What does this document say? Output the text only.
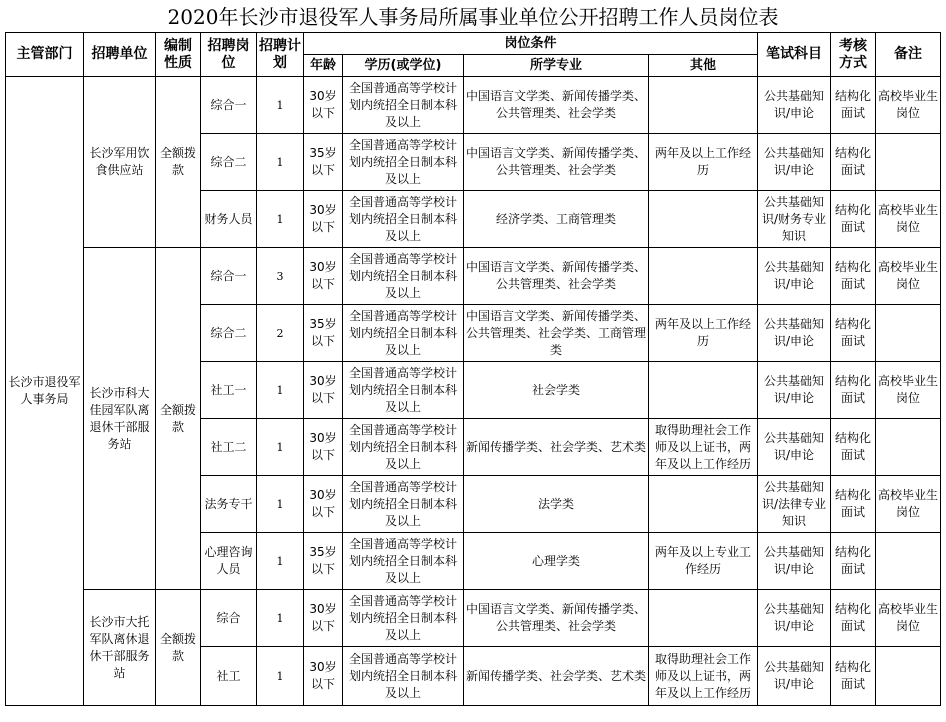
2020年长沙市退役军人事务局所属事业单位公开招聘工作人员岗位表
主管部门	招聘单位	编制性质	招聘岗位	招聘计划	岗位条件				笔试科目	考核方式	备注
					年龄	学历(或学位)	所学专业	其他			
长沙市退役军人事务局	长沙军用饮食供应站	全额拨款	综合一	1	30岁以下	全国普通高等学校计划内统招全日制本科及以上	中国语言文学类、新闻传播学类、公共管理类、社会学类		公共基础知识/申论	结构化面试	高校毕业生岗位
			综合二	1	35岁以下	全国普通高等学校计划内统招全日制本科及以上	中国语言文学类、新闻传播学类、公共管理类、社会学类	两年及以上工作经历	公共基础知识/申论	结构化面试	
			财务人员	1	30岁以下	全国普通高等学校计划内统招全日制本科及以上	经济学类、工商管理类		公共基础知识/财务专业知识	结构化面试	高校毕业生岗位
	长沙市科大佳园军队离退休干部服务站	全额拨款	综合一	3	30岁以下	全国普通高等学校计划内统招全日制本科及以上	中国语言文学类、新闻传播学类、公共管理类、社会学类		公共基础知识/申论	结构化面试	高校毕业生岗位
			综合二	2	35岁以下	全国普通高等学校计划内统招全日制本科及以上	中国语言文学类、新闻传播学类、公共管理类、社会学类、工商管理类	两年及以上工作经历	公共基础知识/申论	结构化面试	
			社工一	1	30岁以下	全国普通高等学校计划内统招全日制本科及以上	社会学类		公共基础知识/申论	结构化面试	高校毕业生岗位
			社工二	1	30岁以下	全国普通高等学校计划内统招全日制本科及以上	新闻传播学类、社会学类、艺术类	取得助理社会工作师及以上证书，两年及以上工作经历	公共基础知识/申论	结构化面试	
			法务专干	1	30岁以下	全国普通高等学校计划内统招全日制本科及以上	法学类		公共基础知识/法律专业知识	结构化面试	高校毕业生岗位
			心理咨询人员	1	35岁以下	全国普通高等学校计划内统招全日制本科及以上	心理学类	两年及以上专业工作经历	公共基础知识/申论	结构化面试	
	长沙市大托军队离休退休干部服务站	全额拨款	综合	1	30岁以下	全国普通高等学校计划内统招全日制本科及以上	中国语言文学类、新闻传播学类、公共管理类、社会学类		公共基础知识/申论	结构化面试	高校毕业生岗位
			社工	1	30岁以下	全国普通高等学校计划内统招全日制本科及以上	新闻传播学类、社会学类、艺术类	取得助理社会工作师及以上证书，两年及以上工作经历	公共基础知识/申论	结构化面试	
